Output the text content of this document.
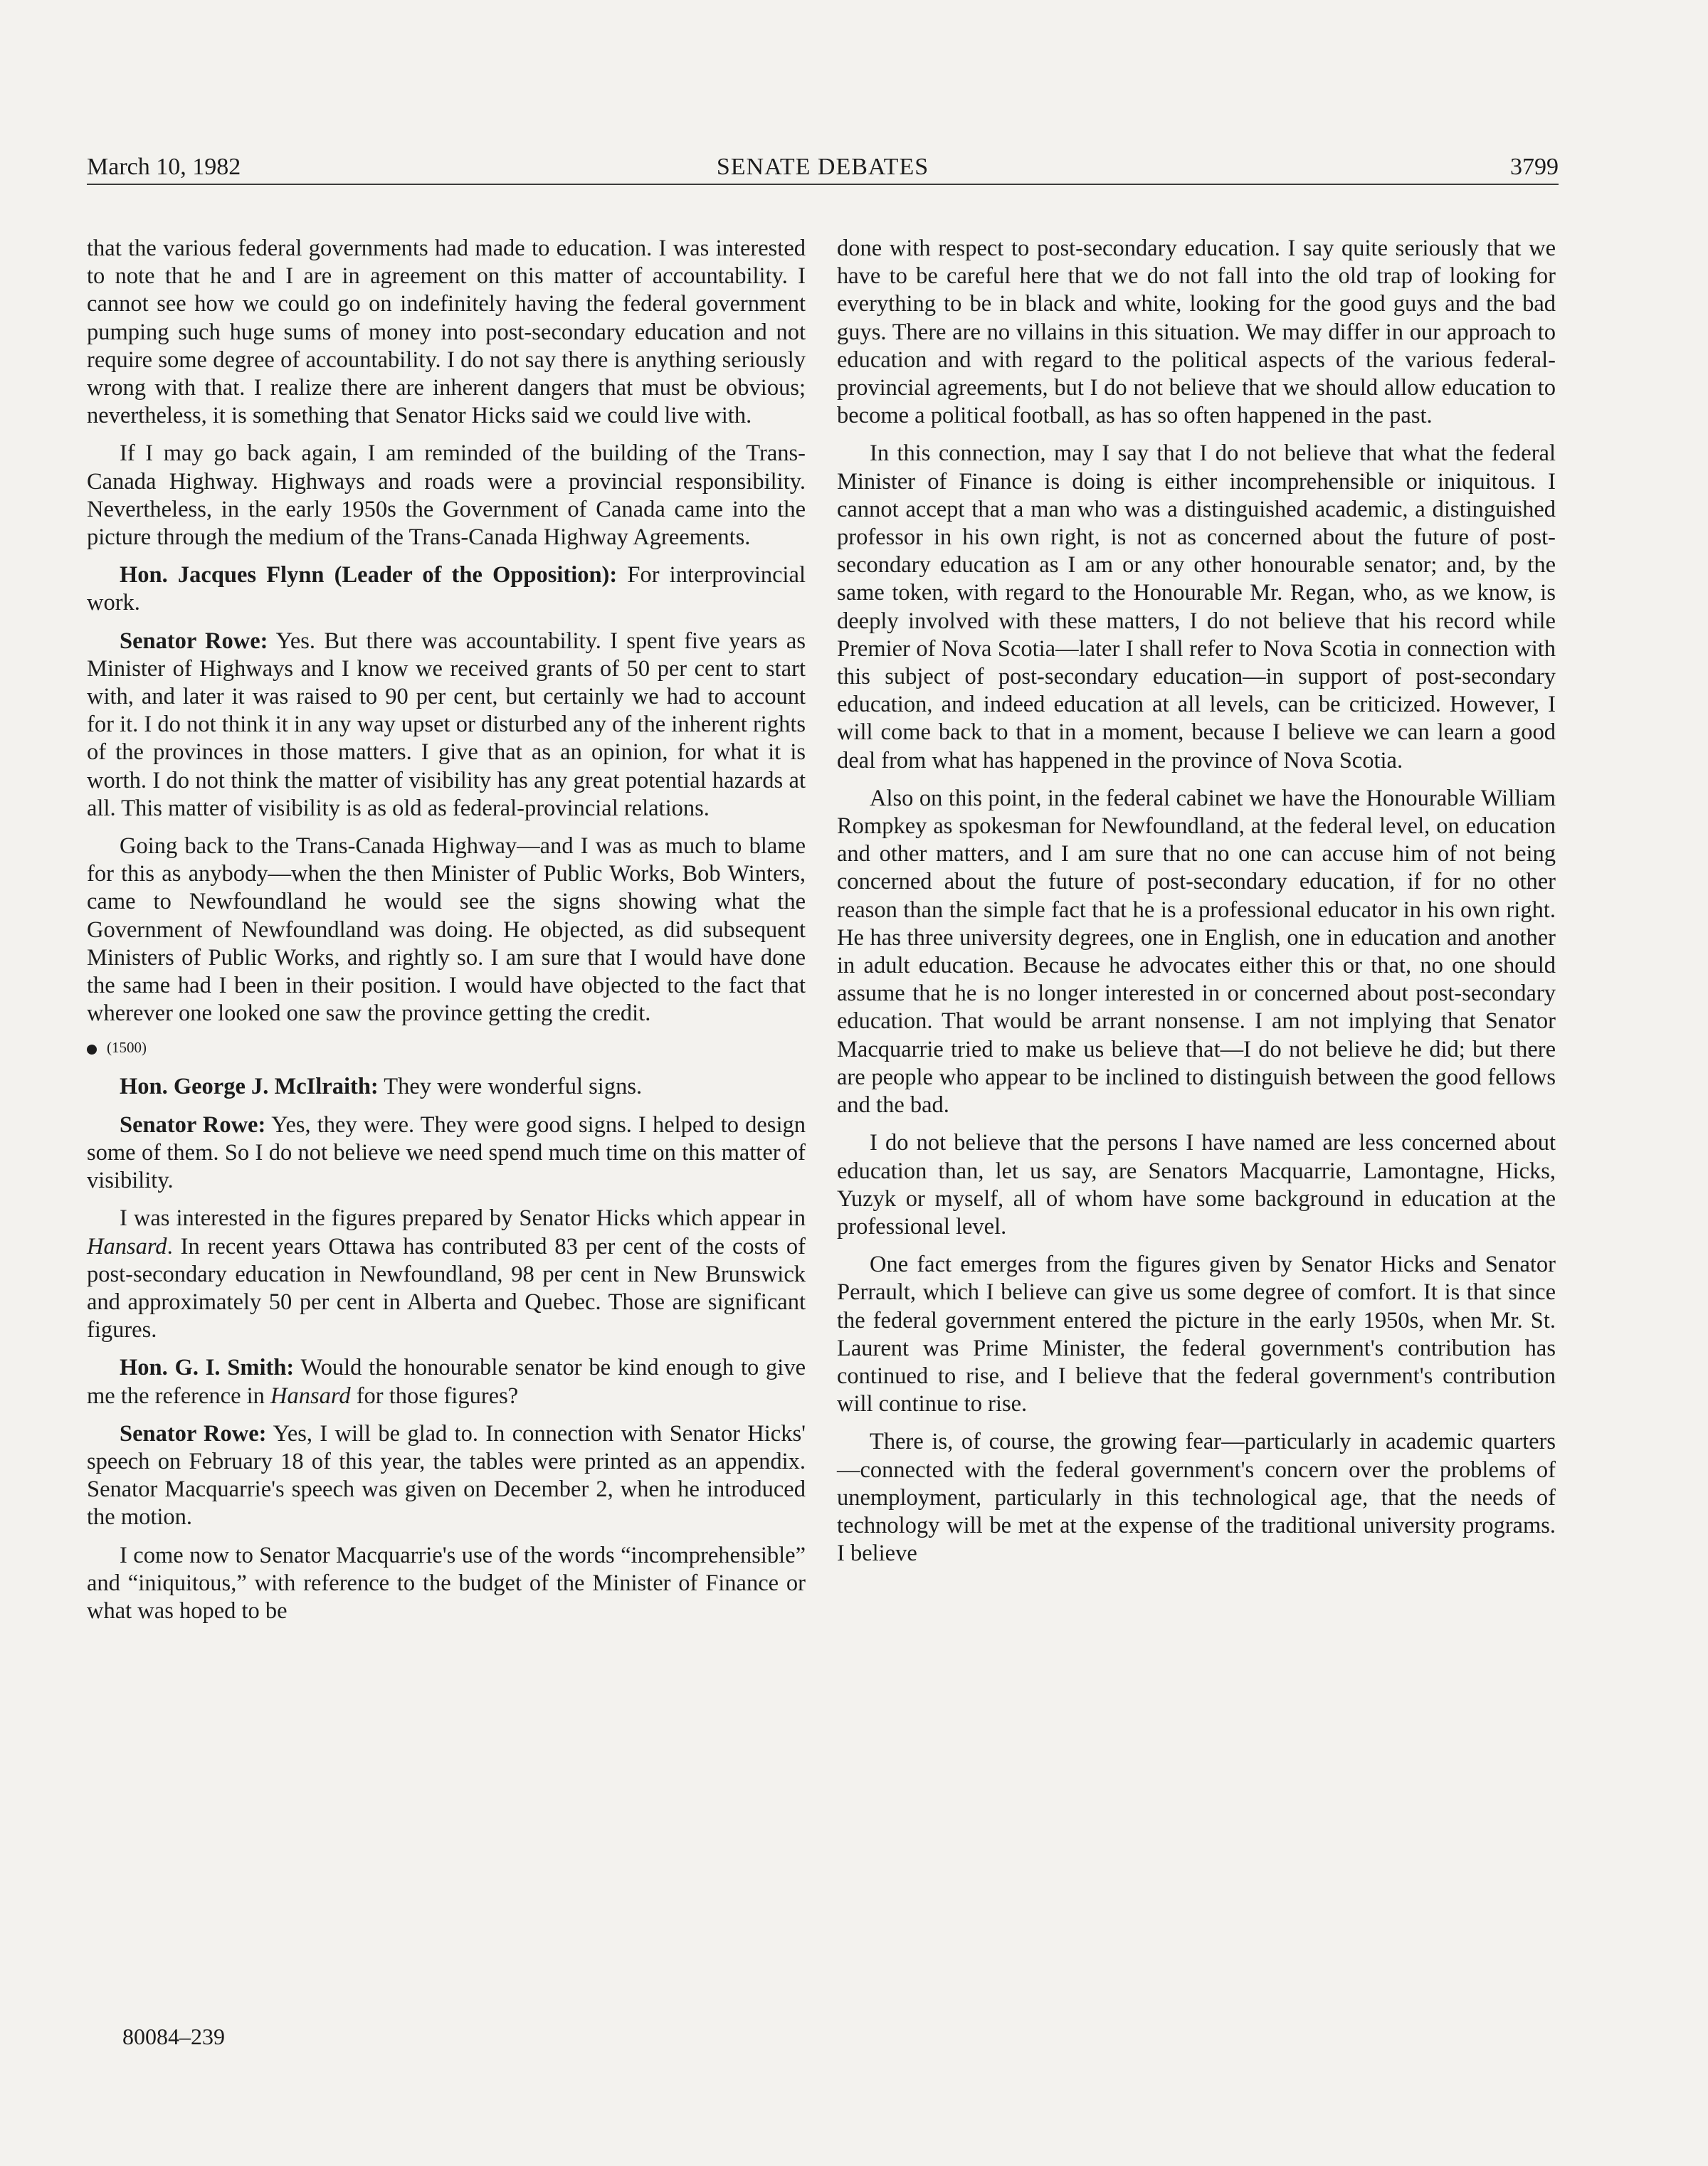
March 10, 1982	SENATE DEBATES	3799

that the various federal governments had made to education. I was interested to note that he and I are in agreement on this matter of accountability. I cannot see how we could go on indefinitely having the federal government pumping such huge sums of money into post-secondary education and not require some degree of accountability. I do not say there is anything seriously wrong with that. I realize there are inherent dangers that must be obvious; nevertheless, it is something that Senator Hicks said we could live with.

If I may go back again, I am reminded of the building of the Trans-Canada Highway. Highways and roads were a provincial responsibility. Nevertheless, in the early 1950s the Government of Canada came into the picture through the medium of the Trans-Canada Highway Agreements.

Hon. Jacques Flynn (Leader of the Opposition): For interprovincial work.

Senator Rowe: Yes. But there was accountability. I spent five years as Minister of Highways and I know we received grants of 50 per cent to start with, and later it was raised to 90 per cent, but certainly we had to account for it. I do not think it in any way upset or disturbed any of the inherent rights of the provinces in those matters. I give that as an opinion, for what it is worth. I do not think the matter of visibility has any great potential hazards at all. This matter of visibility is as old as federal-provincial relations.

Going back to the Trans-Canada Highway—and I was as much to blame for this as anybody—when the then Minister of Public Works, Bob Winters, came to Newfoundland he would see the signs showing what the Government of Newfoundland was doing. He objected, as did subsequent Ministers of Public Works, and rightly so. I am sure that I would have done the same had I been in their position. I would have objected to the fact that wherever one looked one saw the province getting the credit.

(1500)

Hon. George J. McIlraith: They were wonderful signs.

Senator Rowe: Yes, they were. They were good signs. I helped to design some of them. So I do not believe we need spend much time on this matter of visibility.

I was interested in the figures prepared by Senator Hicks which appear in Hansard. In recent years Ottawa has contributed 83 per cent of the costs of post-secondary education in Newfoundland, 98 per cent in New Brunswick and approximately 50 per cent in Alberta and Quebec. Those are significant figures.

Hon. G. I. Smith: Would the honourable senator be kind enough to give me the reference in Hansard for those figures?

Senator Rowe: Yes, I will be glad to. In connection with Senator Hicks' speech on February 18 of this year, the tables were printed as an appendix. Senator Macquarrie's speech was given on December 2, when he introduced the motion.

I come now to Senator Macquarrie's use of the words “incomprehensible” and “iniquitous,” with reference to the budget of the Minister of Finance or what was hoped to be

done with respect to post-secondary education. I say quite seriously that we have to be careful here that we do not fall into the old trap of looking for everything to be in black and white, looking for the good guys and the bad guys. There are no villains in this situation. We may differ in our approach to education and with regard to the political aspects of the various federal-provincial agreements, but I do not believe that we should allow education to become a political football, as has so often happened in the past.

In this connection, may I say that I do not believe that what the federal Minister of Finance is doing is either incomprehensible or iniquitous. I cannot accept that a man who was a distinguished academic, a distinguished professor in his own right, is not as concerned about the future of post-secondary education as I am or any other honourable senator; and, by the same token, with regard to the Honourable Mr. Regan, who, as we know, is deeply involved with these matters, I do not believe that his record while Premier of Nova Scotia—later I shall refer to Nova Scotia in connection with this subject of post-secondary education—in support of post-secondary education, and indeed education at all levels, can be criticized. However, I will come back to that in a moment, because I believe we can learn a good deal from what has happened in the province of Nova Scotia.

Also on this point, in the federal cabinet we have the Honourable William Rompkey as spokesman for Newfoundland, at the federal level, on education and other matters, and I am sure that no one can accuse him of not being concerned about the future of post-secondary education, if for no other reason than the simple fact that he is a professional educator in his own right. He has three university degrees, one in English, one in education and another in adult education. Because he advocates either this or that, no one should assume that he is no longer interested in or concerned about post-secondary education. That would be arrant nonsense. I am not implying that Senator Macquarrie tried to make us believe that—I do not believe he did; but there are people who appear to be inclined to distinguish between the good fellows and the bad.

I do not believe that the persons I have named are less concerned about education than, let us say, are Senators Macquarrie, Lamontagne, Hicks, Yuzyk or myself, all of whom have some background in education at the professional level.

One fact emerges from the figures given by Senator Hicks and Senator Perrault, which I believe can give us some degree of comfort. It is that since the federal government entered the picture in the early 1950s, when Mr. St. Laurent was Prime Minister, the federal government's contribution has continued to rise, and I believe that the federal government's contribution will continue to rise.

There is, of course, the growing fear—particularly in academic quarters—connected with the federal government's concern over the problems of unemployment, particularly in this technological age, that the needs of technology will be met at the expense of the traditional university programs. I believe

80084–239
